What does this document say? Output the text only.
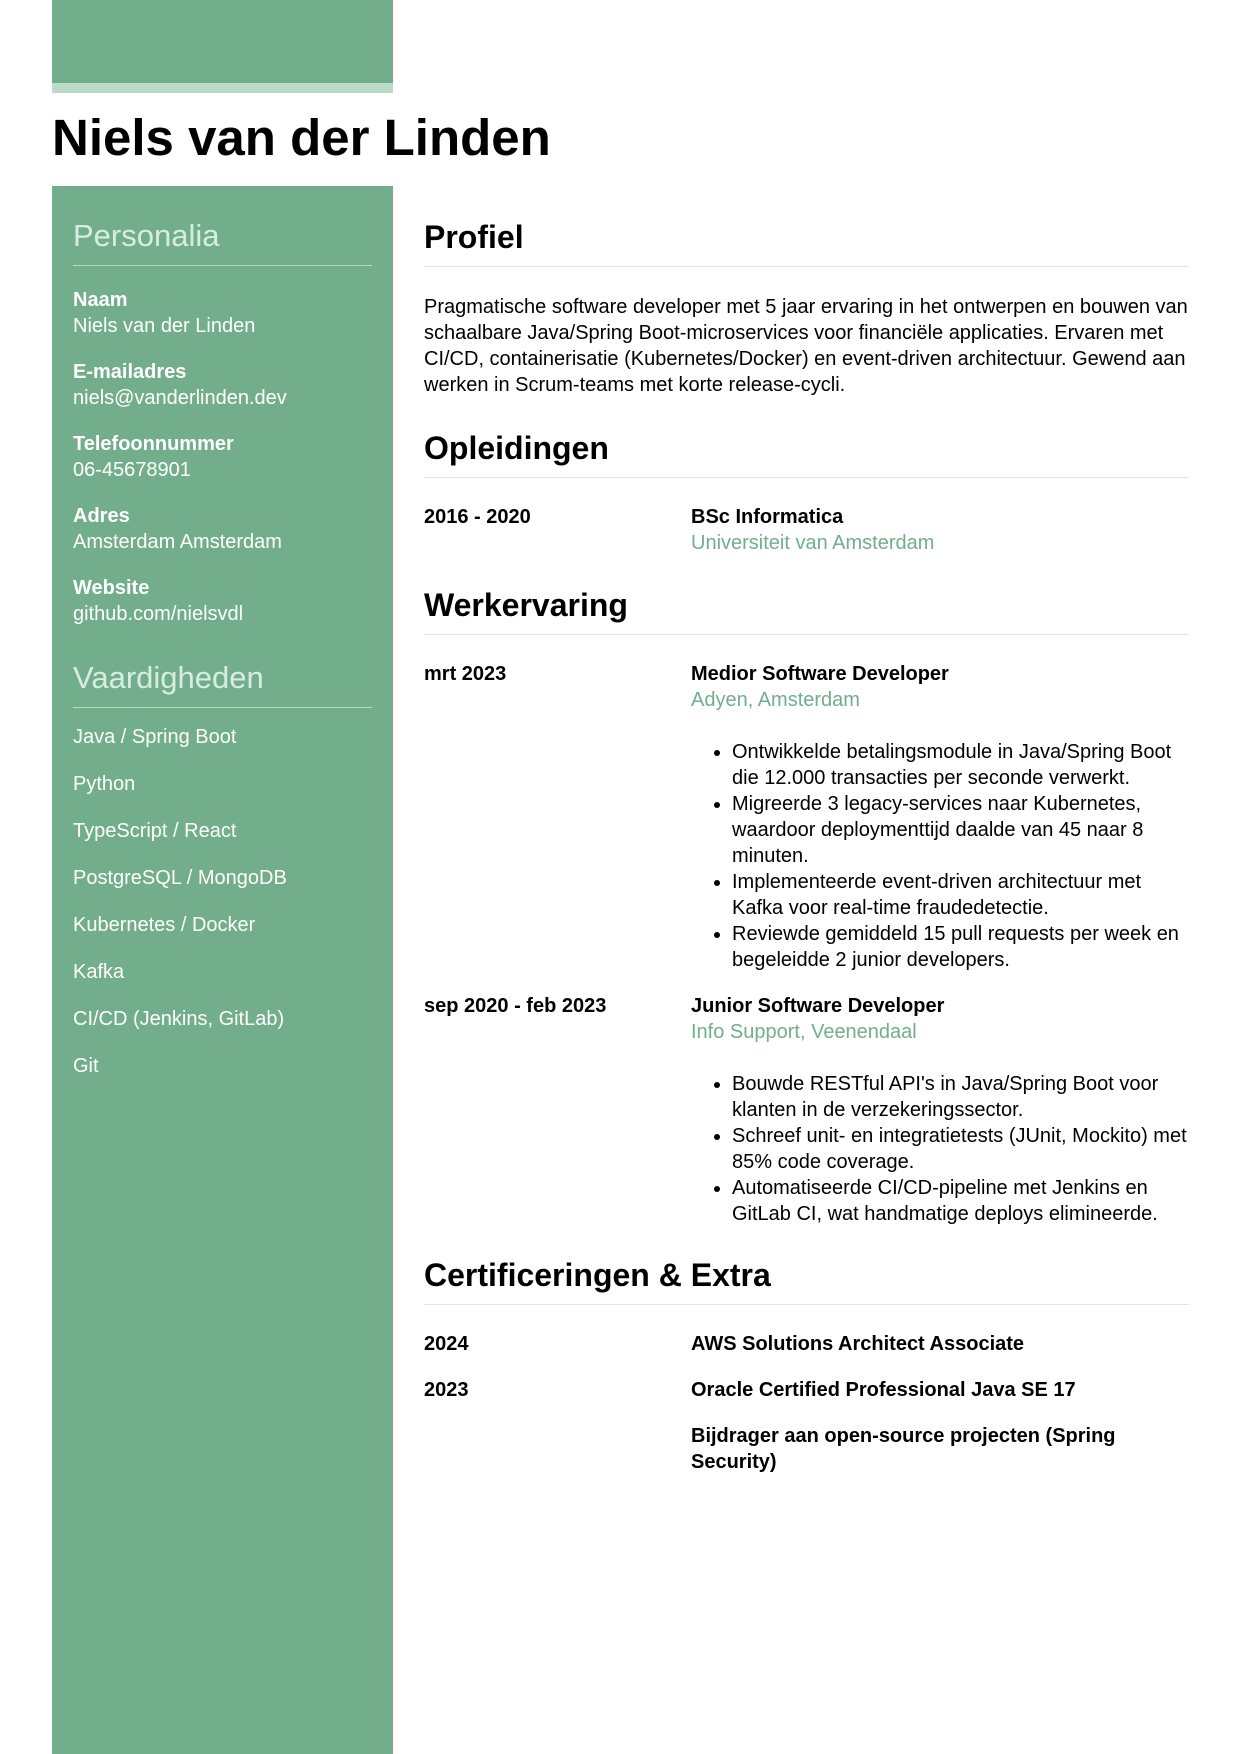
Niels van der Linden
Personalia
Naam
Niels van der Linden
E-mailadres
niels@vanderlinden.dev
Telefoonnummer
06-45678901
Adres
Amsterdam Amsterdam
Website
github.com/nielsvdl
Vaardigheden
Java / Spring Boot
Python
TypeScript / React
PostgreSQL / MongoDB
Kubernetes / Docker
Kafka
CI/CD (Jenkins, GitLab)
Git
Profiel
Pragmatische software developer met 5 jaar ervaring in het ontwerpen en bouwen van schaalbare Java/Spring Boot-microservices voor financiële applicaties. Ervaren met CI/CD, containerisatie (Kubernetes/Docker) en event-driven architectuur. Gewend aan werken in Scrum-teams met korte release-cycli.
Opleidingen
2016 - 2020	BSc Informatica
Universiteit van Amsterdam
Werkervaring
mrt 2023	Medior Software Developer
Adyen, Amsterdam
• Ontwikkelde betalingsmodule in Java/Spring Boot die 12.000 transacties per seconde verwerkt.
• Migreerde 3 legacy-services naar Kubernetes, waardoor deploymenttijd daalde van 45 naar 8 minuten.
• Implementeerde event-driven architectuur met Kafka voor real-time fraudedetectie.
• Reviewde gemiddeld 15 pull requests per week en begeleidde 2 junior developers.
sep 2020 - feb 2023	Junior Software Developer
Info Support, Veenendaal
• Bouwde RESTful API's in Java/Spring Boot voor klanten in de verzekeringssector.
• Schreef unit- en integratietests (JUnit, Mockito) met 85% code coverage.
• Automatiseerde CI/CD-pipeline met Jenkins en GitLab CI, wat handmatige deploys elimineerde.
Certificeringen & Extra
2024	AWS Solutions Architect Associate
2023	Oracle Certified Professional Java SE 17
Bijdrager aan open-source projecten (Spring Security)
